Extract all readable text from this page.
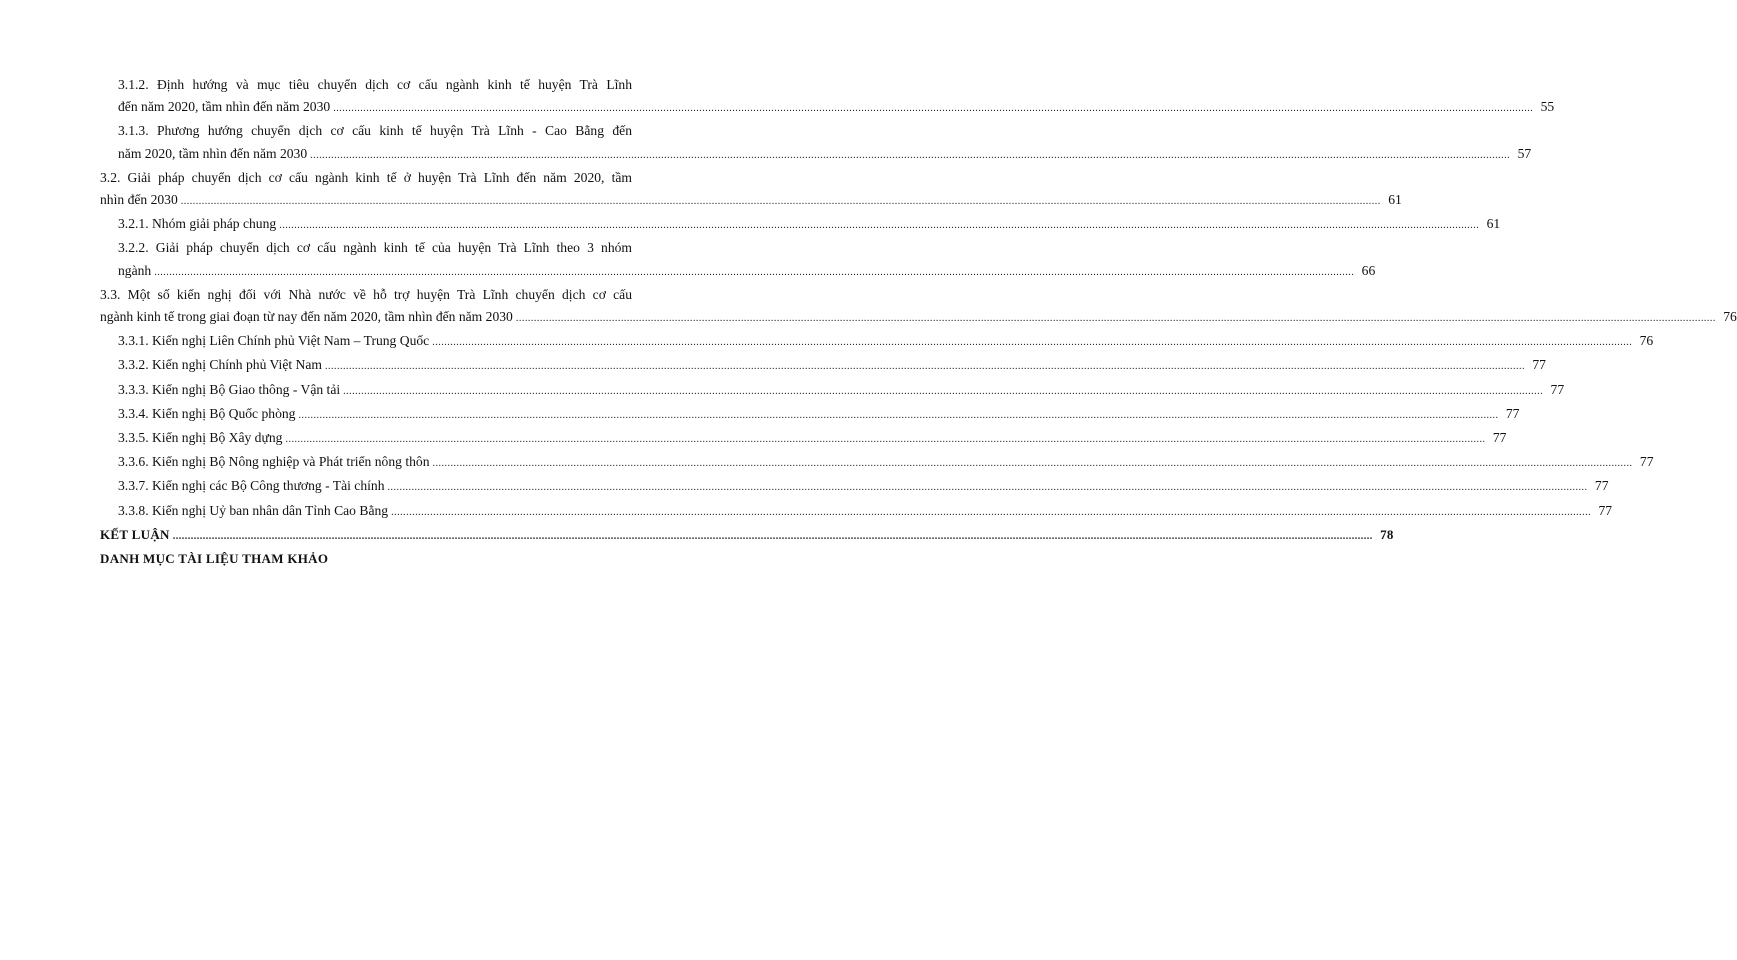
3.1.2. Định hướng và mục tiêu chuyển dịch cơ cấu ngành kinh tế huyện Trà Lĩnh
đến năm 2020, tầm nhìn đến năm 2030 ................................................................................................................................................................................................................................................................................................................................................................................................................ 55
3.1.3. Phương hướng chuyển dịch cơ cấu kinh tế huyện Trà Lĩnh - Cao Bằng đến
năm 2020, tầm nhìn đến năm 2030 ................................................................................................................................................................................................................................................................................................................................................................................................................ 57
3.2. Giải pháp chuyển dịch cơ cấu ngành kinh tế ở huyện Trà Lĩnh đến năm 2020, tầm
nhìn đến 2030 ................................................................................................................................................................................................................................................................................................................................................................................................................ 61
3.2.1. Nhóm giải pháp chung ................................................................................................................................................................................................................................................................................................................................................................................................................ 61
3.2.2. Giải pháp chuyển dịch cơ cấu ngành kinh tế của huyện Trà Lĩnh theo 3 nhóm
ngành ................................................................................................................................................................................................................................................................................................................................................................................................................ 66
3.3. Một số kiến nghị đối với Nhà nước về hỗ trợ huyện Trà Lĩnh chuyển dịch cơ cấu
ngành kinh tế trong giai đoạn từ nay đến năm 2020, tầm nhìn đến năm 2030 ................................................................................................................................................................................................................................................................................................................................................................................................................ 76
3.3.1. Kiến nghị Liên Chính phủ Việt Nam – Trung Quốc ................................................................................................................................................................................................................................................................................................................................................................................................................ 76
3.3.2. Kiến nghị Chính phủ Việt Nam ................................................................................................................................................................................................................................................................................................................................................................................................................ 77
3.3.3. Kiến nghị Bộ Giao thông - Vận tải ................................................................................................................................................................................................................................................................................................................................................................................................................ 77
3.3.4. Kiến nghị Bộ Quốc phòng ................................................................................................................................................................................................................................................................................................................................................................................................................ 77
3.3.5. Kiến nghị Bộ Xây dựng ................................................................................................................................................................................................................................................................................................................................................................................................................ 77
3.3.6. Kiến nghị Bộ Nông nghiệp và Phát triển nông thôn ................................................................................................................................................................................................................................................................................................................................................................................................................ 77
3.3.7. Kiến nghị các Bộ Công thương - Tài chính ................................................................................................................................................................................................................................................................................................................................................................................................................ 77
3.3.8. Kiến nghị Uỷ ban nhân dân Tỉnh Cao Bằng ................................................................................................................................................................................................................................................................................................................................................................................................................ 77
KẾT LUẬN ................................................................................................................................................................................................................................................................................................................................................................................................................ 78
DANH MỤC TÀI LIỆU THAM KHẢO
